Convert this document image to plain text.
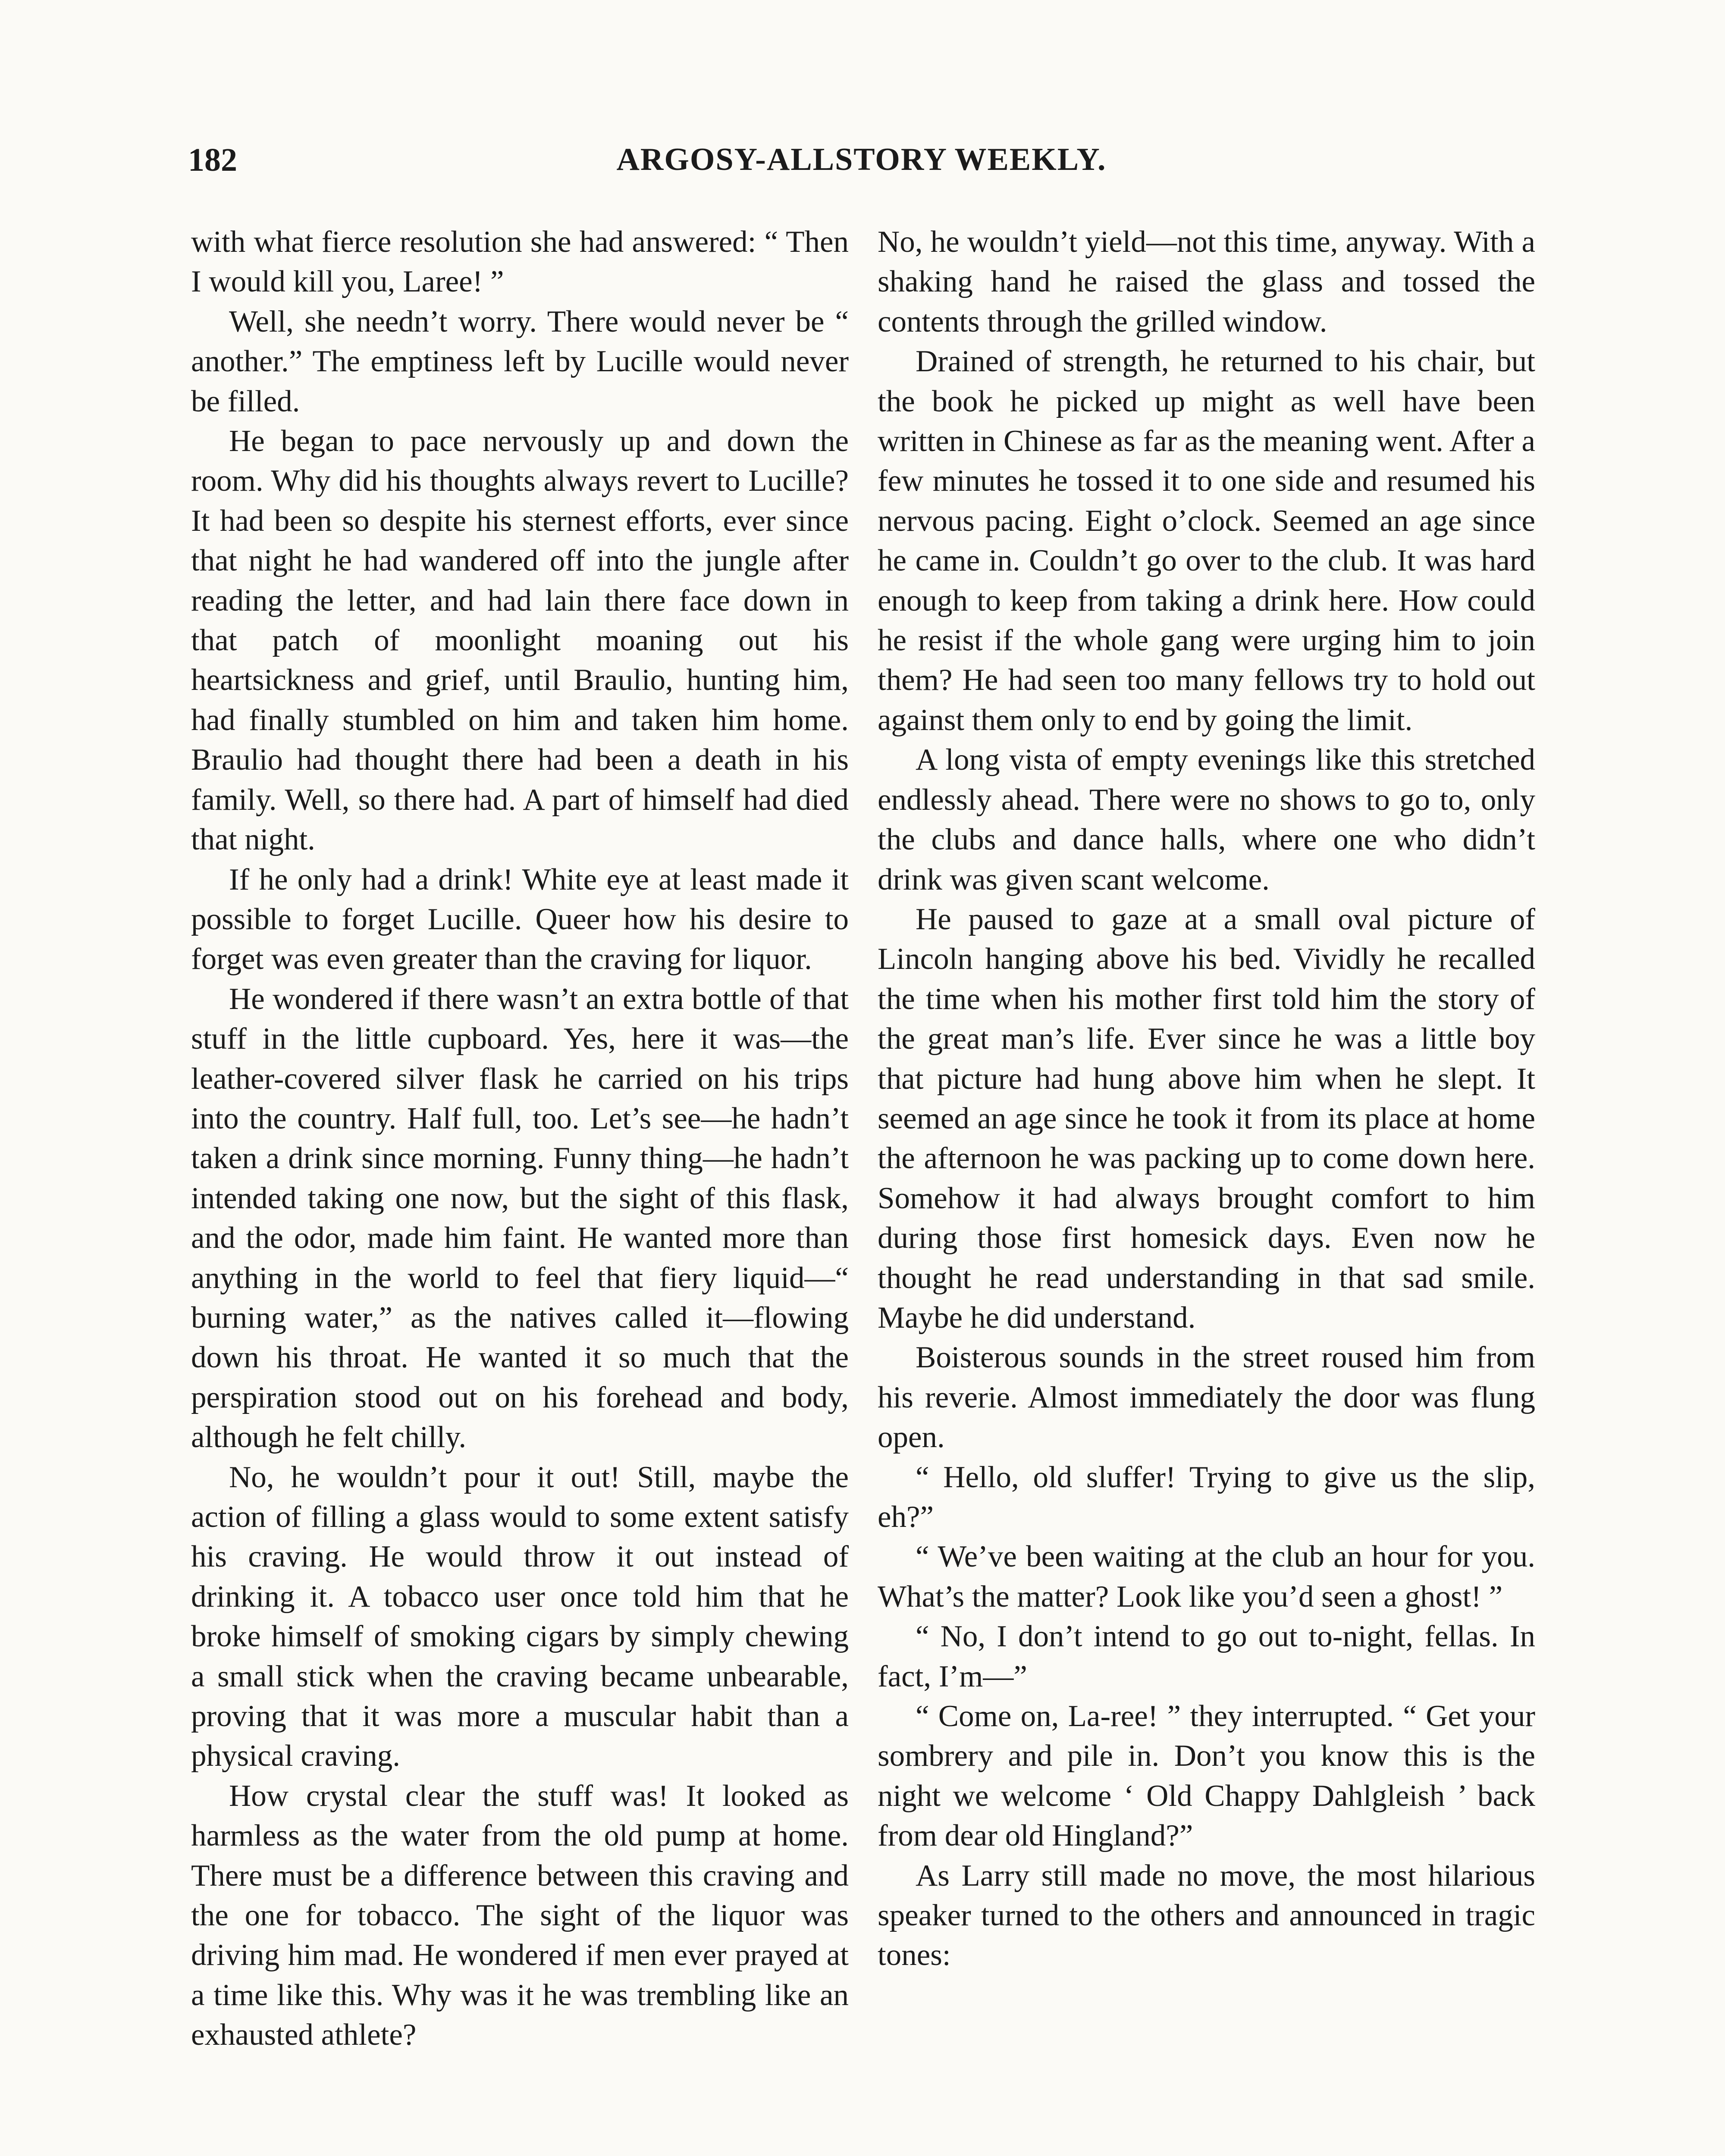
182	ARGOSY-ALLSTORY WEEKLY.

with what fierce resolution she had answered: “ Then I would kill you, Laree! ”

Well, she needn’t worry. There would never be “ another.” The emptiness left by Lucille would never be filled.

He began to pace nervously up and down the room. Why did his thoughts always revert to Lucille? It had been so despite his sternest efforts, ever since that night he had wandered off into the jungle after reading the letter, and had lain there face down in that patch of moonlight moaning out his heartsickness and grief, until Braulio, hunting him, had finally stumbled on him and taken him home. Braulio had thought there had been a death in his family. Well, so there had. A part of himself had died that night.

If he only had a drink! White eye at least made it possible to forget Lucille. Queer how his desire to forget was even greater than the craving for liquor.

He wondered if there wasn’t an extra bottle of that stuff in the little cupboard. Yes, here it was—the leather-covered silver flask he carried on his trips into the country. Half full, too. Let’s see—he hadn’t taken a drink since morning. Funny thing—he hadn’t intended taking one now, but the sight of this flask, and the odor, made him faint. He wanted more than anything in the world to feel that fiery liquid—“ burning water,” as the natives called it—flowing down his throat. He wanted it so much that the perspiration stood out on his forehead and body, although he felt chilly.

No, he wouldn’t pour it out! Still, maybe the action of filling a glass would to some extent satisfy his craving. He would throw it out instead of drinking it. A tobacco user once told him that he broke himself of smoking cigars by simply chewing a small stick when the craving became unbearable, proving that it was more a muscular habit than a physical craving.

How crystal clear the stuff was! It looked as harmless as the water from the old pump at home. There must be a difference between this craving and the one for tobacco. The sight of the liquor was driving him mad. He wondered if men ever prayed at a time like this. Why was it he was trembling like an exhausted athlete?

No, he wouldn’t yield—not this time, anyway. With a shaking hand he raised the glass and tossed the contents through the grilled window.

Drained of strength, he returned to his chair, but the book he picked up might as well have been written in Chinese as far as the meaning went. After a few minutes he tossed it to one side and resumed his nervous pacing. Eight o’clock. Seemed an age since he came in. Couldn’t go over to the club. It was hard enough to keep from taking a drink here. How could he resist if the whole gang were urging him to join them? He had seen too many fellows try to hold out against them only to end by going the limit.

A long vista of empty evenings like this stretched endlessly ahead. There were no shows to go to, only the clubs and dance halls, where one who didn’t drink was given scant welcome.

He paused to gaze at a small oval picture of Lincoln hanging above his bed. Vividly he recalled the time when his mother first told him the story of the great man’s life. Ever since he was a little boy that picture had hung above him when he slept. It seemed an age since he took it from its place at home the afternoon he was packing up to come down here. Somehow it had always brought comfort to him during those first homesick days. Even now he thought he read understanding in that sad smile. Maybe he did understand.

Boisterous sounds in the street roused him from his reverie. Almost immediately the door was flung open.

“ Hello, old sluffer! Trying to give us the slip, eh?”

“ We’ve been waiting at the club an hour for you. What’s the matter? Look like you’d seen a ghost! ”

“ No, I don’t intend to go out to-night, fellas. In fact, I’m—”

“ Come on, La-ree! ” they interrupted. “ Get your sombrery and pile in. Don’t you know this is the night we welcome ‘ Old Chappy Dahlgleish ’ back from dear old Hingland?”

As Larry still made no move, the most hilarious speaker turned to the others and announced in tragic tones:
